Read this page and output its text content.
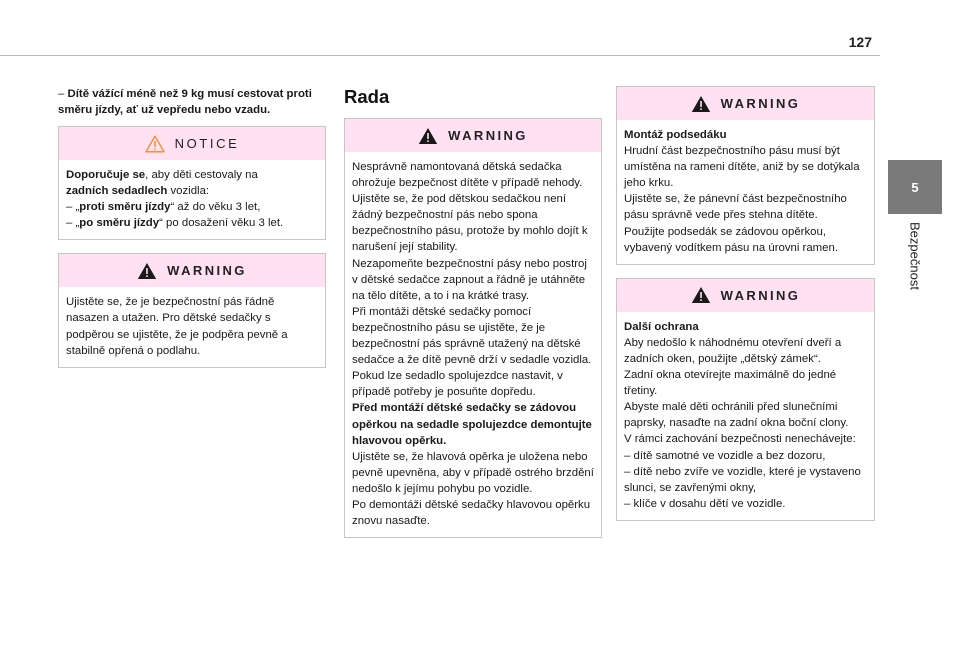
127
5
Bezpečnost
– Dítě vážící méně než 9 kg musí cestovat proti směru jízdy, ať už vepředu nebo vzadu.
NOTICE

Doporučuje se, aby děti cestovaly na

zadních sedadlech vozidla:

– „proti směru jízdy“ až do věku 3 let,

– „po směru jízdy“ po dosažení věku 3 let.

WARNING

Ujistěte se, že je bezpečnostní pás řádně nasazen a utažen. Pro dětské sedačky s podpěrou se ujistěte, že je podpěra pevně a stabilně opřená o podlahu.

Rada
WARNING

Nesprávně namontovaná dětská sedačka ohrožuje bezpečnost dítěte v případě nehody.

Ujistěte se, že pod dětskou sedačkou není žádný bezpečnostní pás nebo spona bezpečnostního pásu, protože by mohlo dojít k narušení její stability.

Nezapomeňte bezpečnostní pásy nebo postroj v dětské sedačce zapnout a řádně je utáhněte na tělo dítěte, a to i na krátké trasy.

Při montáži dětské sedačky pomocí bezpečnostního pásu se ujistěte, že je bezpečnostní pás správně utažený na dětské sedačce a že dítě pevně drží v sedadle vozidla. Pokud lze sedadlo spolujezdce nastavit, v případě potřeby je posuňte dopředu.

Před montáží dětské sedačky se zádovou opěrkou na sedadle spolujezdce demontujte hlavovou opěrku.

Ujistěte se, že hlavová opěrka je uložena nebo pevně upevněna, aby v případě ostrého brzdění nedošlo k jejímu pohybu po vozidle.

Po demontáži dětské sedačky hlavovou opěrku znovu nasaďte.

WARNING

Montáž podsedáku

Hrudní část bezpečnostního pásu musí být umístěna na rameni dítěte, aniž by se dotýkala jeho krku.

Ujistěte se, že pánevní část bezpečnostního pásu správně vede přes stehna dítěte.

Použijte podsedák se zádovou opěrkou, vybavený vodítkem pásu na úrovni ramen.

WARNING

Další ochrana

Aby nedošlo k náhodnému otevření dveří a zadních oken, použijte „dětský zámek“.

Zadní okna otevírejte maximálně do jedné třetiny.

Abyste malé děti ochránili před slunečními paprsky, nasaďte na zadní okna boční clony.

V rámci zachování bezpečnosti nenechávejte:

– dítě samotné ve vozidle a bez dozoru,

– dítě nebo zvíře ve vozidle, které je vystaveno slunci, se zavřenými okny,

– klíče v dosahu dětí ve vozidle.
